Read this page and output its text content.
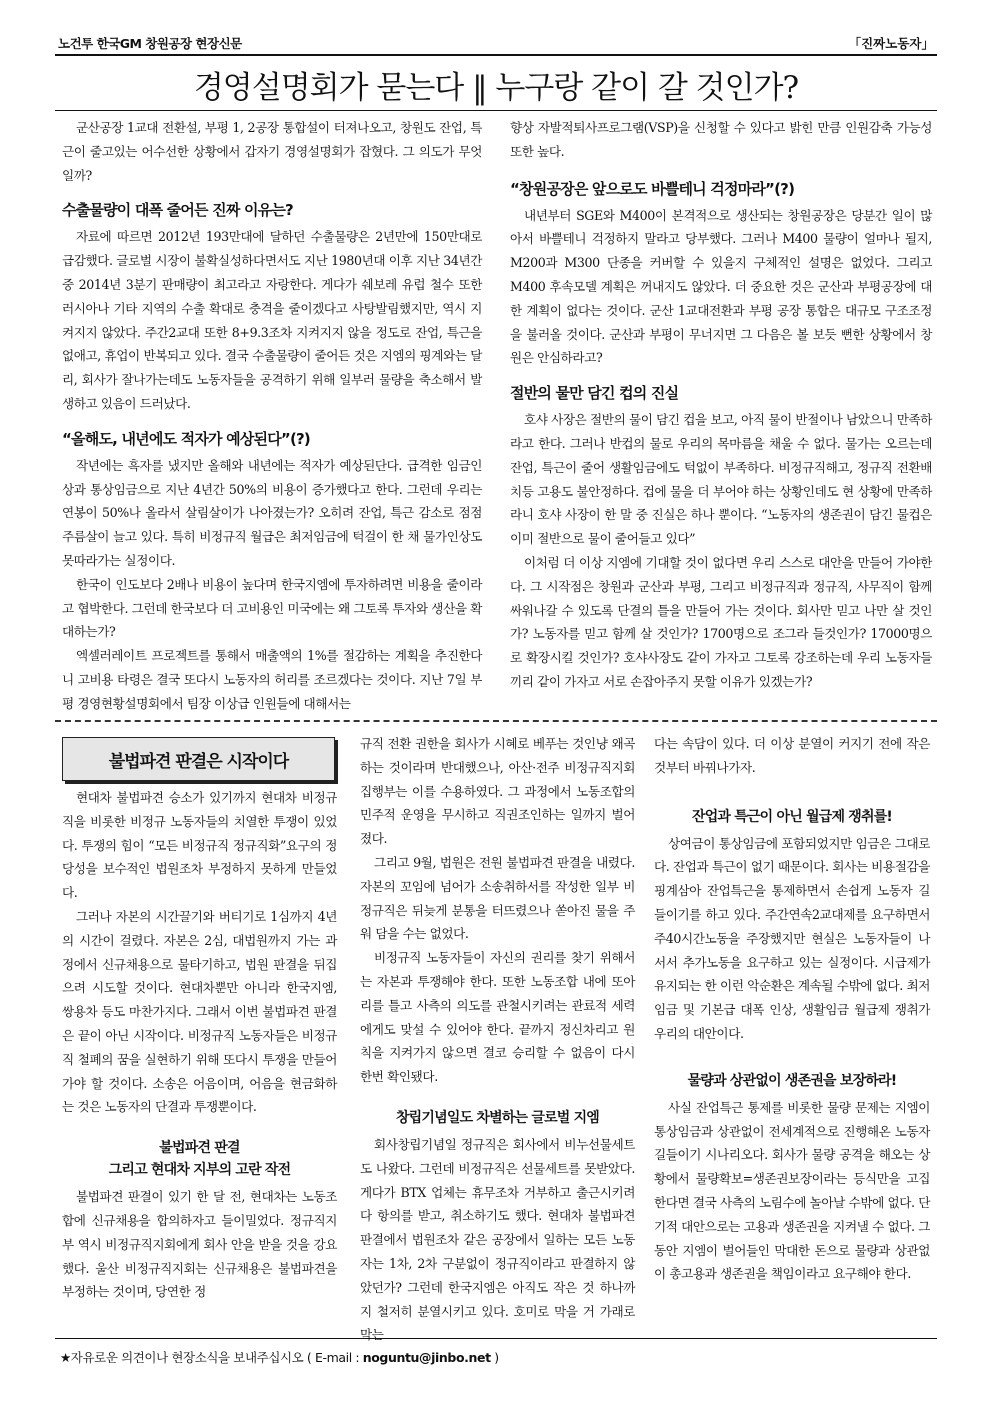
노건투 한국GM 창원공장 현장신문	「진짜노동자」
경영설명회가 묻는다 ‖ 누구랑 같이 갈 것인가?

군산공장 1교대 전환설, 부평 1, 2공장 통합설이 터져나오고, 창원도 잔업, 특근이 줄고있는 어수선한 상황에서 갑자기 경영설명회가 잡혔다. 그 의도가 무엇일까?

수출물량이 대폭 줄어든 진짜 이유는?

자료에 따르면 2012년 193만대에 달하던 수출물량은 2년만에 150만대로 급감했다. 글로벌 시장이 불확실성하다면서도 지난 1980년대 이후 지난 34년간 중 2014년 3분기 판매량이 최고라고 자랑한다. 게다가 쉐보레 유럽 철수 또한 러시아나 기타 지역의 수출 확대로 충격을 줄이겠다고 사탕발림했지만, 역시 지켜지지 않았다. 주간2교대 또한 8+9.3조차 지켜지지 않을 정도로 잔업, 특근을 없애고, 휴업이 반복되고 있다. 결국 수출물량이 줄어든 것은 지엠의 핑계와는 달리, 회사가 잘나가는데도 노동자들을 공격하기 위해 일부러 물량을 축소해서 발생하고 있음이 드러났다.

“올해도, 내년에도 적자가 예상된다”(?)

작년에는 흑자를 냈지만 올해와 내년에는 적자가 예상된단다. 급격한 임금인상과 통상임금으로 지난 4년간 50%의 비용이 증가했다고 한다. 그런데 우리는 연봉이 50%나 올라서 살림살이가 나아졌는가? 오히려 잔업, 특근 감소로 점점 주름살이 늘고 있다. 특히 비정규직 월급은 최저임금에 턱걸이 한 채 물가인상도 못따라가는 실정이다.

한국이 인도보다 2배나 비용이 높다며 한국지엠에 투자하려면 비용을 줄이라고 협박한다. 그런데 한국보다 더 고비용인 미국에는 왜 그토록 투자와 생산을 확대하는가?

엑셀러레이트 프로젝트를 통해서 매출액의 1%를 절감하는 계획을 추진한다니 고비용 타령은 결국 또다시 노동자의 허리를 조르겠다는 것이다. 지난 7일 부평 경영현황설명회에서 팀장 이상급 인원들에 대해서는

향상 자발적퇴사프로그램(VSP)을 신청할 수 있다고 밝힌 만큼 인원감축 가능성 또한 높다.

“창원공장은 앞으로도 바쁠테니 걱정마라”(?)

내년부터 SGE와 M400이 본격적으로 생산되는 창원공장은 당분간 일이 많아서 바쁠테니 걱정하지 말라고 당부했다. 그러나 M400 물량이 얼마나 될지, M200과 M300 단종을 커버할 수 있을지 구체적인 설명은 없었다. 그리고 M400 후속모델 계획은 꺼내지도 않았다. 더 중요한 것은 군산과 부평공장에 대한 계획이 없다는 것이다. 군산 1교대전환과 부평 공장 통합은 대규모 구조조정을 불러올 것이다. 군산과 부평이 무너지면 그 다음은 볼 보듯 뻔한 상황에서 창원은 안심하라고?

절반의 물만 담긴 컵의 진실

호샤 사장은 절반의 물이 담긴 컵을 보고, 아직 물이 반절이나 남았으니 만족하라고 한다. 그러나 반컵의 물로 우리의 목마름을 채울 수 없다. 물가는 오르는데 잔업, 특근이 줄어 생활임금에도 턱없이 부족하다. 비정규직해고, 정규직 전환배치등 고용도 불안정하다. 컵에 물을 더 부어야 하는 상황인데도 현 상황에 만족하라니 호샤 사장이 한 말 중 진실은 하나 뿐이다. “노동자의 생존권이 담긴 물컵은 이미 절반으로 물이 줄어들고 있다”

이처럼 더 이상 지엠에 기대할 것이 없다면 우리 스스로 대안을 만들어 가야한다. 그 시작점은 창원과 군산과 부평, 그리고 비정규직과 정규직, 사무직이 함께 싸워나갈 수 있도록 단결의 틀을 만들어 가는 것이다. 회사만 믿고 나만 살 것인가? 노동자를 믿고 함께 살 것인가? 1700명으로 조그라 들것인가? 17000명으로 확장시킬 것인가? 호샤사장도 같이 가자고 그토록 강조하는데 우리 노동자들끼리 같이 가자고 서로 손잡아주지 못할 이유가 있겠는가?

불법파견 판결은 시작이다

현대차 불법파견 승소가 있기까지 현대차 비정규직을 비롯한 비정규 노동자들의 치열한 투쟁이 있었다. 투쟁의 힘이 “모든 비정규직 정규직화”요구의 정당성을 보수적인 법원조차 부정하지 못하게 만들었다.

그러나 자본의 시간끌기와 버티기로 1심까지 4년의 시간이 걸렸다. 자본은 2심, 대법원까지 가는 과정에서 신규채용으로 물타기하고, 법원 판결을 뒤집으려 시도할 것이다. 현대차뿐만 아니라 한국지엠, 쌍용차 등도 마찬가지다. 그래서 이번 불법파견 판결은 끝이 아닌 시작이다. 비정규직 노동자들은 비정규직 철폐의 꿈을 실현하기 위해 또다시 투쟁을 만들어가야 할 것이다. 소송은 어음이며, 어음을 현금화하는 것은 노동자의 단결과 투쟁뿐이다.

불법파견 판결
그리고 현대차 지부의 고란 작전

불법파견 판결이 있기 한 달 전, 현대차는 노동조합에 신규채용을 합의하자고 들이밀었다. 정규직지부 역시 비정규직지회에게 회사 안을 받을 것을 강요했다. 울산 비정규직지회는 신규채용은 불법파견을 부정하는 것이며, 당연한 정

규직 전환 권한을 회사가 시혜로 베푸는 것인냥 왜곡하는 것이라며 반대했으나, 아산·전주 비정규직지회 집행부는 이를 수용하였다. 그 과정에서 노동조합의 민주적 운영을 무시하고 직권조인하는 일까지 벌어졌다.

그리고 9월, 법원은 전원 불법파견 판결을 내렸다. 자본의 꼬임에 넘어가 소송취하서를 작성한 일부 비정규직은 뒤늦게 분통을 터뜨렸으나 쏟아진 물을 주워 담을 수는 없었다.

비정규직 노동자들이 자신의 권리를 찾기 위해서는 자본과 투쟁해야 한다. 또한 노동조합 내에 또아리를 틀고 사측의 의도를 관철시키려는 관료적 세력에게도 맞설 수 있어야 한다. 끝까지 정신차리고 원칙을 지켜가지 않으면 결코 승리할 수 없음이 다시 한번 확인됐다.

창립기념일도 차별하는 글로벌 지엠

회사창립기념일 정규직은 회사에서 비누선물세트도 나왔다. 그런데 비정규직은 선물세트를 못받았다. 게다가 BTX 업체는 휴무조차 거부하고 출근시키려다 항의를 받고, 취소하기도 했다. 현대차 불법파견 판결에서 법원조차 같은 공장에서 일하는 모든 노동자는 1차, 2차 구분없이 정규직이라고 판결하지 않았던가? 그런데 한국지엠은 아직도 작은 것 하나까지 철저히 분열시키고 있다. 호미로 막을 거 가래로 막는

다는 속담이 있다. 더 이상 분열이 커지기 전에 작은 것부터 바꿔나가자.

잔업과 특근이 아닌 월급제 쟁취를!

상여금이 통상임금에 포함되었지만 임금은 그대로다. 잔업과 특근이 없기 때문이다. 회사는 비용절감을 핑계삼아 잔업특근을 통제하면서 손쉽게 노동자 길들이기를 하고 있다. 주간연속2교대제를 요구하면서 주40시간노동을 주장했지만 현실은 노동자들이 나서서 추가노동을 요구하고 있는 실정이다. 시급제가 유지되는 한 이런 악순환은 계속될 수밖에 없다. 최저임금 및 기본급 대폭 인상, 생활임금 월급제 쟁취가 우리의 대안이다.

물량과 상관없이 생존권을 보장하라!

사실 잔업특근 통제를 비롯한 물량 문제는 지엠이 통상임금과 상관없이 전세계적으로 진행해온 노동자 길들이기 시나리오다. 회사가 물량 공격을 해오는 상황에서 물량확보=생존권보장이라는 등식만을 고집한다면 결국 사측의 노림수에 놀아날 수밖에 없다. 단기적 대안으로는 고용과 생존권을 지켜낼 수 없다. 그동안 지엠이 벌어들인 막대한 돈으로 물량과 상관없이 총고용과 생존권을 책임이라고 요구해야 한다.

★자유로운 의견이나 현장소식을 보내주십시오 ( E-mail : noguntu@jinbo.net )
